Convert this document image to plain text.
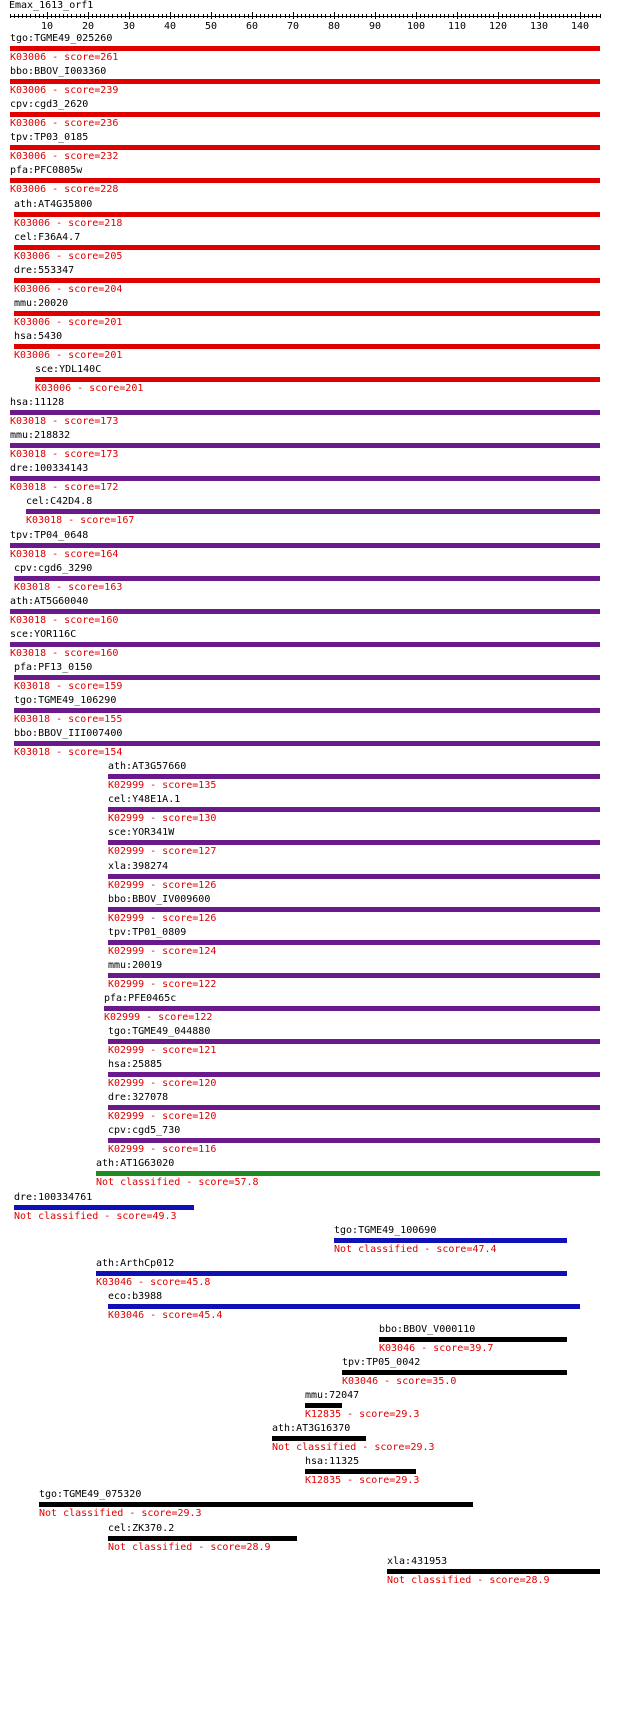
Emax_1613_orf1
10	20	30	40	50	60	70	80	90	100 110 120 130 140
tgo:TGME49_025260
K03006 - score=261
bbo:BBOV_I003360
K03006 - score=239
cpv:cgd3_2620
K03006 - score=236
tpv:TP03_0185
K03006 - score=232
pfa:PFC0805w
K03006 - score=228
ath:AT4G35800
K03006 - score=218
cel:F36A4.7
K03006 - score=205
dre:553347
K03006 - score=204
mmu:20020
K03006 - score=201
hsa:5430
K03006 - score=201
sce:YDL140C
K03006 - score=201
hsa:11128
K03018 - score=173
mmu:218832
K03018 - score=173
dre:100334143
K03018 - score=172
cel:C42D4.8
K03018 - score=167
tpv:TP04_0648
K03018 - score=164
cpv:cgd6_3290
K03018 - score=163
ath:AT5G60040
K03018 - score=160
sce:YOR116C
K03018 - score=160
pfa:PF13_0150
K03018 - score=159
tgo:TGME49_106290
K03018 - score=155
bbo:BBOV_III007400
K03018 - score=154
ath:AT3G57660
K02999 - score=135
cel:Y48E1A.1
K02999 - score=130
sce:YOR341W
K02999 - score=127
xla:398274
K02999 - score=126
bbo:BBOV_IV009600
K02999 - score=126
tpv:TP01_0809
K02999 - score=124
mmu:20019
K02999 - score=122
pfa:PFE0465c
K02999 - score=122
tgo:TGME49_044880
K02999 - score=121
hsa:25885
K02999 - score=120
dre:327078
K02999 - score=120
cpv:cgd5_730
K02999 - score=116
ath:AT1G63020
Not classified - score=57.8
dre:100334761
Not classified - score=49.3
tgo:TGME49_100690
Not classified - score=47.4
ath:ArthCp012
K03046 - score=45.8
eco:b3988
K03046 - score=45.4
bbo:BBOV_V000110
K03046 - score=39.7
tpv:TP05_0042
K03046 - score=35.0
mmu:72047
K12835 - score=29.3
ath:AT3G16370
Not classified - score=29.3
hsa:11325
K12835 - score=29.3
tgo:TGME49_075320
Not classified - score=29.3
cel:ZK370.2
Not classified - score=28.9
xla:431953
Not classified - score=28.9
